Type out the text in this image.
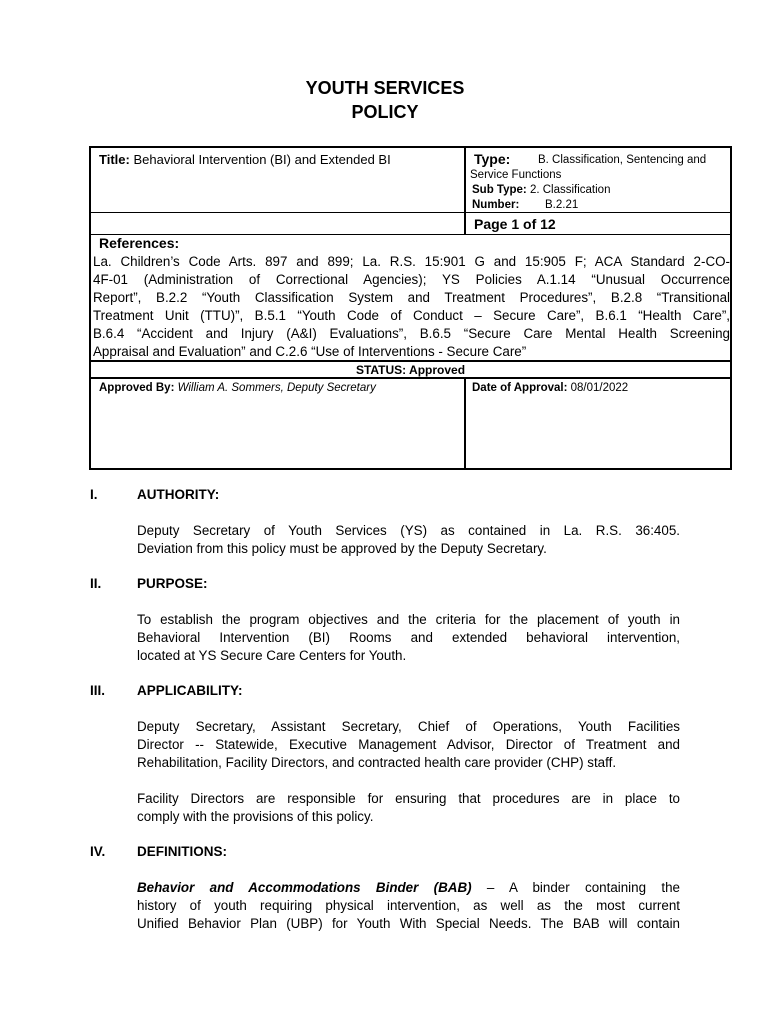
YOUTH SERVICES
POLICY
Title: Behavioral Intervention (BI) and Extended BI	Type: B. Classification, Sentencing and
Service Functions
Sub Type: 2. Classification
Number: B.2.21
Page 1 of 12
References:
La. Children’s Code Arts. 897 and 899; La. R.S. 15:901 G and 15:905 F; ACA Standard 2-CO-
4F-01 (Administration of Correctional Agencies); YS Policies A.1.14 “Unusual Occurrence
Report”, B.2.2 “Youth Classification System and Treatment Procedures”, B.2.8 “Transitional
Treatment Unit (TTU)”, B.5.1 “Youth Code of Conduct – Secure Care”, B.6.1 “Health Care”,
B.6.4 “Accident and Injury (A&I) Evaluations”, B.6.5 “Secure Care Mental Health Screening
Appraisal and Evaluation” and C.2.6 “Use of Interventions - Secure Care”
STATUS: Approved
Approved By: William A. Sommers, Deputy Secretary	Date of Approval: 08/01/2022
I.	AUTHORITY:
Deputy Secretary of Youth Services (YS) as contained in La. R.S. 36:405.
Deviation from this policy must be approved by the Deputy Secretary.
II.	PURPOSE:
To establish the program objectives and the criteria for the placement of youth in
Behavioral Intervention (BI) Rooms and extended behavioral intervention,
located at YS Secure Care Centers for Youth.
III. APPLICABILITY:
Deputy Secretary, Assistant Secretary, Chief of Operations, Youth Facilities
Director -- Statewide, Executive Management Advisor, Director of Treatment and
Rehabilitation, Facility Directors, and contracted health care provider (CHP) staff.
Facility Directors are responsible for ensuring that procedures are in place to
comply with the provisions of this policy.
IV. DEFINITIONS:
Behavior and Accommodations Binder (BAB) – A binder containing the
history of youth requiring physical intervention, as well as the most current
Unified Behavior Plan (UBP) for Youth With Special Needs. The BAB will contain
